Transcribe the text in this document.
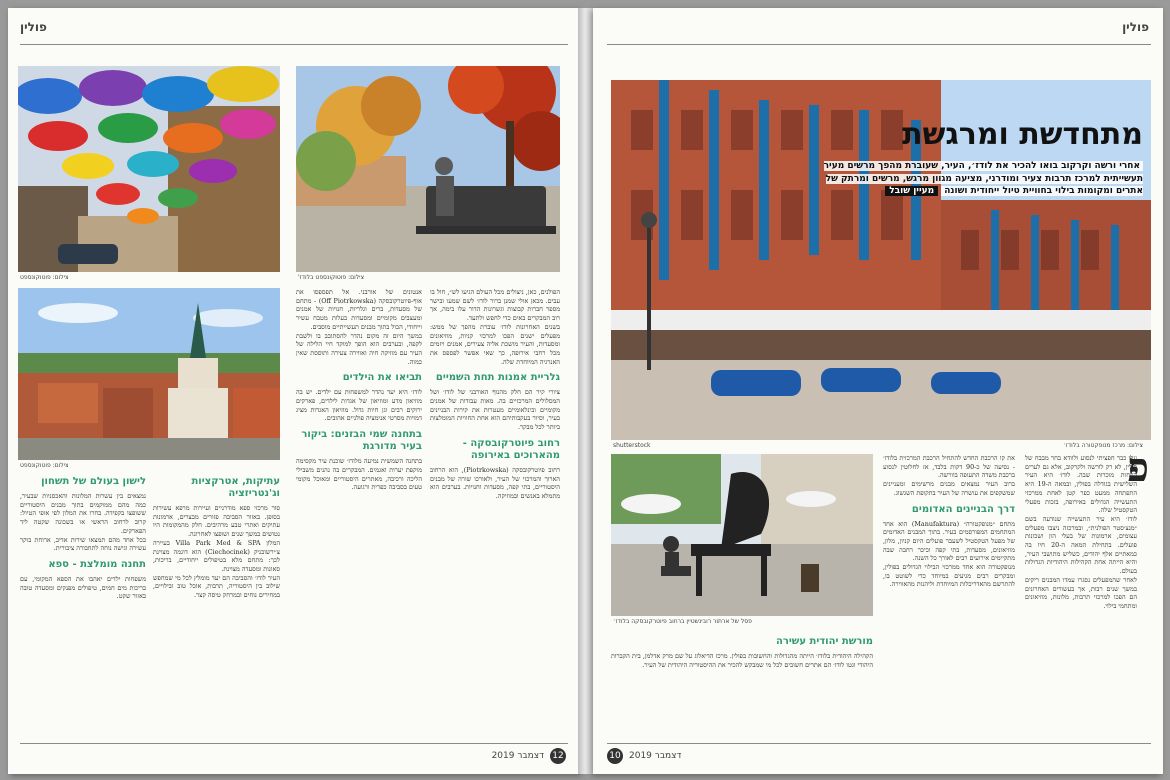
פולין
צילום: פוטוקונספט	צילום: פוטוקונספט בלודז'
צילום: פוטוקונספט

הפולנים, כאן, ניצולים מכל העולם הגיעו לש״, חול בו עבים. מכאן אולי שמנן ברור לודז׳ לשם שמעו ובישר מספר חברות קבוצות וגשרונות הדור עלו בימה, אך רוב המבקרים באים כדי לחפש ולתעד.

בשנים האחרונות לודז׳ עוברת מהפך של ממש: מפעלים ישנים הפכו למרכזי קניות, מוזיאונים ומסעדות, והעיר מושכת אליה צעירים, אמנים ויזמים מכל רחבי אירופה, כך שאי אפשר לפספס את האנרגיה המיוחדת שלה.

גלריית אמנות תחת השמיים

ציורי קיר הם חלק מהנוף האורבני של לודז׳ ושל המסלולים המרכזיים בה. מאות עבודות של אמנים מקומיים ובינלאומיים מעטרות את קירות הבניינים בעיר, וסיור בעקבותיהם הוא אחת החוויות המומלצות ביותר לכל מבקר.

רחוב פיוטרקובסקה - מהארוכים באירופה

רחוב פיוטרקובסקה (Piotrkowska), הוא הרחוב הארוך והמרכזי של העיר, ולאורכו שורה של מבנים היסטוריים, בתי קפה, מסעדות וחנויות. בערבים הוא מתמלא באנשים ובמוזיקה.

אנטונים של אורבני. אל תפספסו את אוף-פיוטרקובסקה (Off Piotrkowska) - מתחם של מסעדות, ברים וגלריות, חנויות של אמנים ומעצבים מקומיים ומסעדות בעלות מטבח עשיר וייחודי, הכול בתוך מבנים תעשייתיים מוסבים.

במשך היום זה מקום נהדר להסתובב בו ולשבת לקפה, ובערבים הוא הופך למוקד חיי הלילה של העיר עם מוזיקה חיה ואווירה צעירה ותוססת שאין כמוה.

תביאו את הילדים

לודז׳ היא יעד נהדר למשפחות עם ילדים. יש בה מוזיאון מדע ומוזיאון של אגדות לילדים, פארקים ירוקים רבים וגן חיות גדול. מוזיאון האגדות מציג דמויות מסרטי אנימציה פולניים אהובים.

בתחנה שמי הבזנים: ביקור בעיר מדורגת

בתחנה השמשית נמיעה מלודז׳ שוכנת עיר מקסימה מוקפת יערות ואגמים. המבקרים בה נהנים משבילי הליכה ורכיבה, מאתרים היסטוריים ומאוכל מקומי טעים בסביבה כפרית ורגועה.

עתיקות, אטרקציות וג'נטריזציה

סור מרכזי ספא מודרניים ועיירות מרפא עשירות בסופן. באזור הסביבה פזורים מבצרים, ארמונות עתיקים ואתרי טבע מרהיבים. חלק מהמקומות היו נטושים במשך שנים ושופצו לאחרונה.

המלון Villa Park Med & SPA בעיירה צ׳ירשובניק (Ciechocinek) הוא דוגמה מצוינת לכך: מתחם מלא בטיפולים ייחודיים, בריכות, סאונות ומסעדה מצוינת.

העיר לודז׳ והסביבה הם יעד מומלץ לכל מי שמחפש שילוב בין היסטוריה, תרבות, אוכל טוב ובילויים, במחירים נוחים ובמרחק טיסה קצר.

לישון בעולם של תשחון

נמצאים בין עשרות המלונות והאכסניות שבעיר, כמה מהם ממוקמים בתוך מבנים היסטוריים ששופצו בקפידה. בחרו את המלון לפי אופי הטיול: קרוב לרחוב הראשי או בשכונה שקטה ליד הפארקים.

בכל אחד מהם תמצאו שירות אדיב, ארוחת בוקר עשירה וגישה נוחה לתחבורה ציבורית.

תחנה מומלצת - ספא

משפחות ילדים יאהבו את הספא המקומי, עם בריכות מים חמים, טיפולים מפנקים ומסעדה טובה באזור שקט.

דצמבר 2019 12
פולין
מתחדשת ומרגשת
אחרי ורשה וקרקוב בואו להכיר את לודז׳, העיר, שעוברת מהפך מרשים מעיר תעשייתית למרכז תרבות צעיר ומודרני, מציעה מגוון מרגש, מרשים ומרתק של אתרים ומקומות בילוי בחוויית טיול ייחודית ושונה מעיין שובל
צילום: מרכז מנופקטורה בלודז׳
shutterstock
פסל של ארתור רובינשטיין ברחוב פיוטרקובסקה בלודז׳
פ

עלו כבר חפציתי לנסוע ולוודא בחר מבבח של פולין, לא רק לורשה ולקרקוב, אלא גם לערים הפחות מוכרות שבה. לודז׳ היא העיר השלישית בגודלה בפולין, ובמאה ה-19 היא התפתחה ממעט כפר קטן לאחת ממרכזי התעשייה הגדולים באירופה, בזכות מפעלי הטקסטיל שלה.

לודז׳ היא עיר התעשייה שנודעה בשם ״מנצ׳סטר הפולנית״, ובמרכזה ניצבו מפעלים עצומים, ארמונות של בעלי הון ושכונות פועלים. בתחילת המאה ה-20 חיו בה כמאתיים אלף יהודים, כשליש מתושבי העיר, והיא הייתה אחת הקהילות היהודיות הגדולות בעולם.

לאחר שהמפעלים נסגרו עמדו המבנים ריקים במשך שנים רבות, אך בעשורים האחרונים הם הפכו למרכזי תרבות, מלונות, מוזיאונים ומתחמי בילוי.

את קו הרכבת החדש להתחיל הרכבת המרכזית בלודז׳ - נסיעה של כ-90 דקות בלבד, אז לחלוטין לנסוע ברכבת משדה התעופה בוורשה.

ברוב העיר נמצאים מבנים מרשימים ומעניינים שמשקפים את עושרה של העיר בתקופת השגשוג.

דרך הבניינים האדומים

מתחם ״מנופקטורה״ (Manufaktura) הוא אחד המתחמים המפורסמים בעיר. בתוך המבנים האדומים של מפעל הטקסטיל לשעבר פועלים היום קניון, מלון, מוזיאונים, מסעדות, בתי קפה וכיכר רחבה שבה מתקיימים אירועים רבים לאורך כל השנה.

מנופקטורה הוא אחד ממרכזי הבילוי הגדולים בפולין, ומבקרים רבים מגיעים במיוחד כדי לשוטט בו, להתרשם מהאדריכלות המיוחדת וליהנות מהאווירה.

מורשת יהודית עשירה

הקהילה היהודית בלודז׳ הייתה מהגדולות והחשובות בפולין. מרכז הדיאלוג על שם מרק אדלמן, בית הקברות היהודי וגטו לודז׳ הם אתרים חשובים לכל מי שמבקש להכיר את ההיסטוריה היהודית של העיר.

10 דצמבר 2019
